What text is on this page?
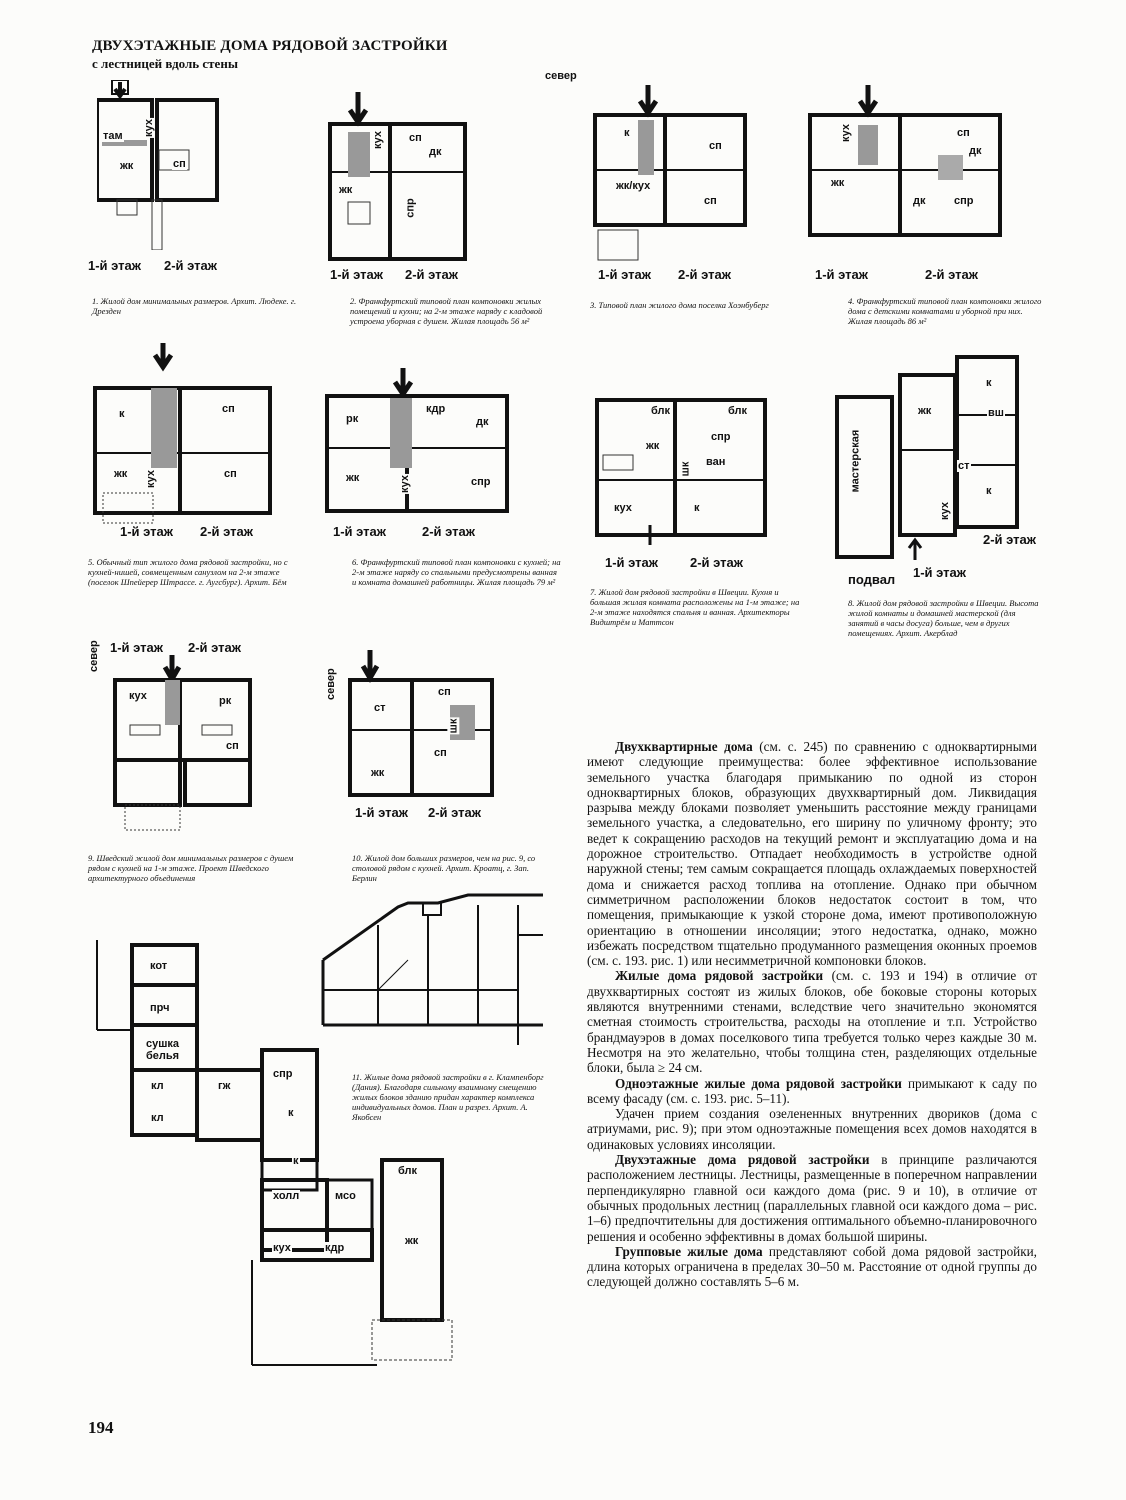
ДВУХЭТАЖНЫЕ ДОМА РЯДОВОЙ ЗАСТРОЙКИ
с лестницей вдоль стены
там кух
жк	сп
1-й этаж 2-й этаж
1. Жилой дом минимальных размеров. Архит. Людеке. г. Дрезден
кух сп
дк
жк
спр
1-й этаж 2-й этаж
2. Франкфуртский типовой план компоновки жилых помещений и кухни; на 2-м этаже наряду с кладовой устроена уборная с душем. Жилая площадь 56 м²
север
к
сп
жк/кух
сп
1-й этаж 2-й этаж
3. Типовой план жилого дома поселка Хоэнбуберг
кух	сп
дк
жк
дк	спр
1-й этаж	2-й этаж
4. Франкфуртский типовой план компоновки жилого дома с детскими комнатами и уборной при них. Жилая площадь 86 м²
к	сп
жк кух	сп
1-й этаж 2-й этаж
5. Обычный тип жилого дома рядовой застройки, но с кухней-нишей, совмещенным санузлом на 2-м этаже (поселок Шпейерер Штрассе. г. Аугсбург). Архит. Бём
рк
кдр
дк
жк	кух	спр
1-й этаж	2-й этаж
6. Франкфуртский типовой план компоновки с кухней; на 2-м этаже наряду со спальными предусмотрены ванная и комната домашней работницы. Жилая площадь 79 м²
блк	блк
жк
спр
шк ван
кух	к
1-й этаж 2-й этаж
7. Жилой дом рядовой застройки в Швеции. Кухня и большая жилая комната расположены на 1-м этаже; на 2-м этаже находятся спальня и ванная. Архитекторы Видштрём и Маттсон
мастерская
жк
к
вш
ст
кух
к
подвал 1-й этаж
2-й этаж
8. Жилой дом рядовой застройки в Швеции. Высота жилой комнаты и домашней мастерской (для занятий в часы досуга) больше, чем в других помещениях. Архит. Акерблад
север
кух	рк
сп
1-й этаж 2-й этаж
9. Шведский жилой дом минимальных размеров с душем рядом с кухней на 1-м этаже. Проект Шведского архитектурного объединения
север
ст
сп
шк
сп
жк
1-й этаж 2-й этаж
10. Жилой дом больших размеров, чем на рис. 9, со столовой рядом с кухней. Архит. Кроатц, г. Зап. Берлин
кот
прч
сушка белья
кл
кл
гж
спр
к
к
холл	мсо
кух	кдр
блк
жк
11. Жилые дома рядовой застройки в г. Клампенборг (Дания). Благодаря сильному взаимному смещению жилых блоков зданию придан характер комплекса индивидуальных домов. План и разрез. Архит. А. Якобсен

Двухквартирные дома (см. с. 245) по сравнению с одноквартирными имеют следующие преимущества: более эффективное использование земельного участка благодаря примыканию по одной из сторон одноквартирных блоков, образующих двухквартирный дом. Ликвидация разрыва между блоками позволяет уменьшить расстояние между границами земельного участка, а следовательно, его ширину по уличному фронту; это ведет к сокращению расходов на текущий ремонт и эксплуатацию дома и на дорожное строительство. Отпадает необходимость в устройстве одной наружной стены; тем самым сокращается площадь охлаждаемых поверхностей дома и снижается расход топлива на отопление. Однако при обычном симметричном расположении блоков недостаток состоит в том, что помещения, примыкающие к узкой стороне дома, имеют противоположную ориентацию в отношении инсоляции; этого недостатка, однако, можно избежать посредством тщательно продуманного размещения оконных проемов (см. с. 193. рис. 1) или несимметричной компоновки блоков.

Жилые дома рядовой застройки (см. с. 193 и 194) в отличие от двухквартирных состоят из жилых блоков, обе боковые стороны которых являются внутренними стенами, вследствие чего значительно экономятся сметная стоимость строительства, расходы на отопление и т.п. Устройство брандмауэров в домах поселкового типа требуется только через каждые 30 м. Несмотря на это желательно, чтобы толщина стен, разделяющих отдельные блоки, была ≥ 24 см.

Одноэтажные жилые дома рядовой застройки примыкают к саду по всему фасаду (см. с. 193. рис. 5–11).

Удачен прием создания озелененных внутренних двориков (дома с атриумами, рис. 9); при этом одноэтажные помещения всех домов находятся в одинаковых условиях инсоляции.

Двухэтажные дома рядовой застройки в принципе различаются расположением лестницы. Лестницы, размещенные в поперечном направлении перпендикулярно главной оси каждого дома (рис. 9 и 10), в отличие от обычных продольных лестниц (параллельных главной оси каждого дома – рис. 1–6) предпочтительны для достижения оптимального объемно-планировочного решения и особенно эффективны в домах большой ширины.

Групповые жилые дома представляют собой дома рядовой застройки, длина которых ограничена в пределах 30–50 м. Расстояние от одной группы до следующей должно составлять 5–6 м.

194
